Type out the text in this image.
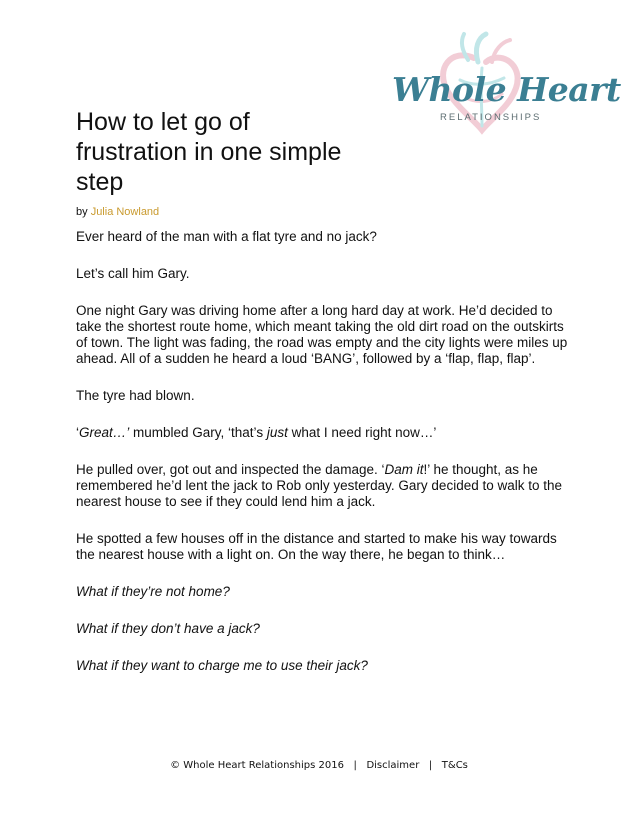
Whole Heart
RELATIONSHIPS
How to let go of frustration in one simple step
by Julia Nowland

Ever heard of the man with a flat tyre and no jack?

Let’s call him Gary.

One night Gary was driving home after a long hard day at work. He’d decided to take the shortest route home, which meant taking the old dirt road on the outskirts of town. The light was fading, the road was empty and the city lights were miles up ahead. All of a sudden he heard a loud ‘BANG’, followed by a ‘flap, flap, flap’.

The tyre had blown.

‘Great…’ mumbled Gary, ‘that’s just what I need right now…’

He pulled over, got out and inspected the damage. ‘Dam it!’ he thought, as he remembered he’d lent the jack to Rob only yesterday. Gary decided to walk to the nearest house to see if they could lend him a jack.

He spotted a few houses off in the distance and started to make his way towards the nearest house with a light on. On the way there, he began to think…

What if they’re not home?

What if they don’t have a jack?

What if they want to charge me to use their jack?

© Whole Heart Relationships 2016   |   Disclaimer   |   T&Cs
